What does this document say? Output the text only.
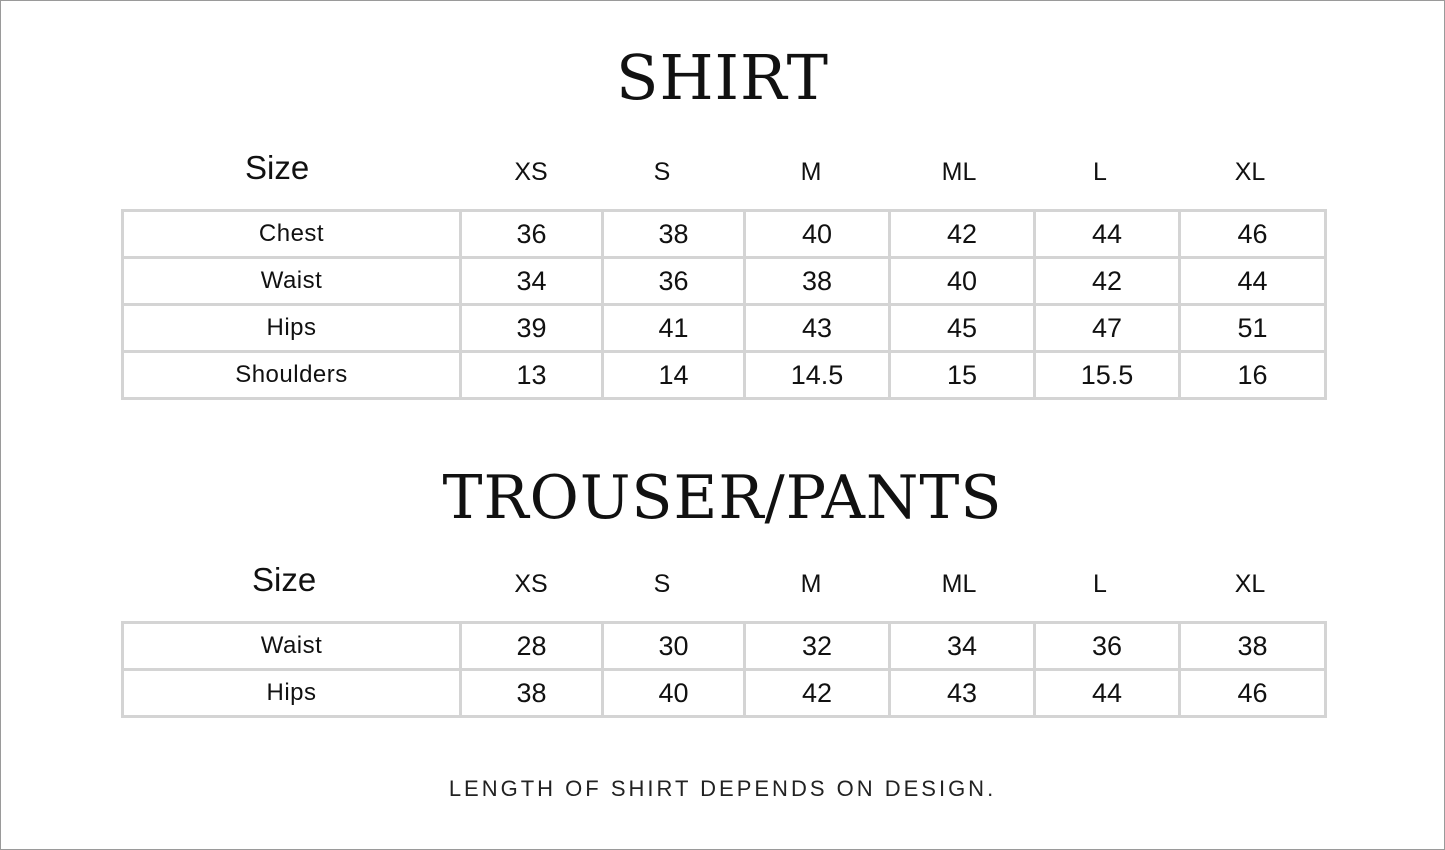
SHIRT
Size	XS	S	M	ML	L	XL
Chest	36	38	40	42	44	46
Waist	34	36	38	40	42	44
Hips	39	41	43	45	47	51
Shoulders	13	14	14.5	15	15.5	16
TROUSER/PANTS
Size	XS	S	M	ML	L	XL
Waist	28	30	32	34	36	38
Hips	38	40	42	43	44	46
LENGTH OF SHIRT DEPENDS ON DESIGN.
